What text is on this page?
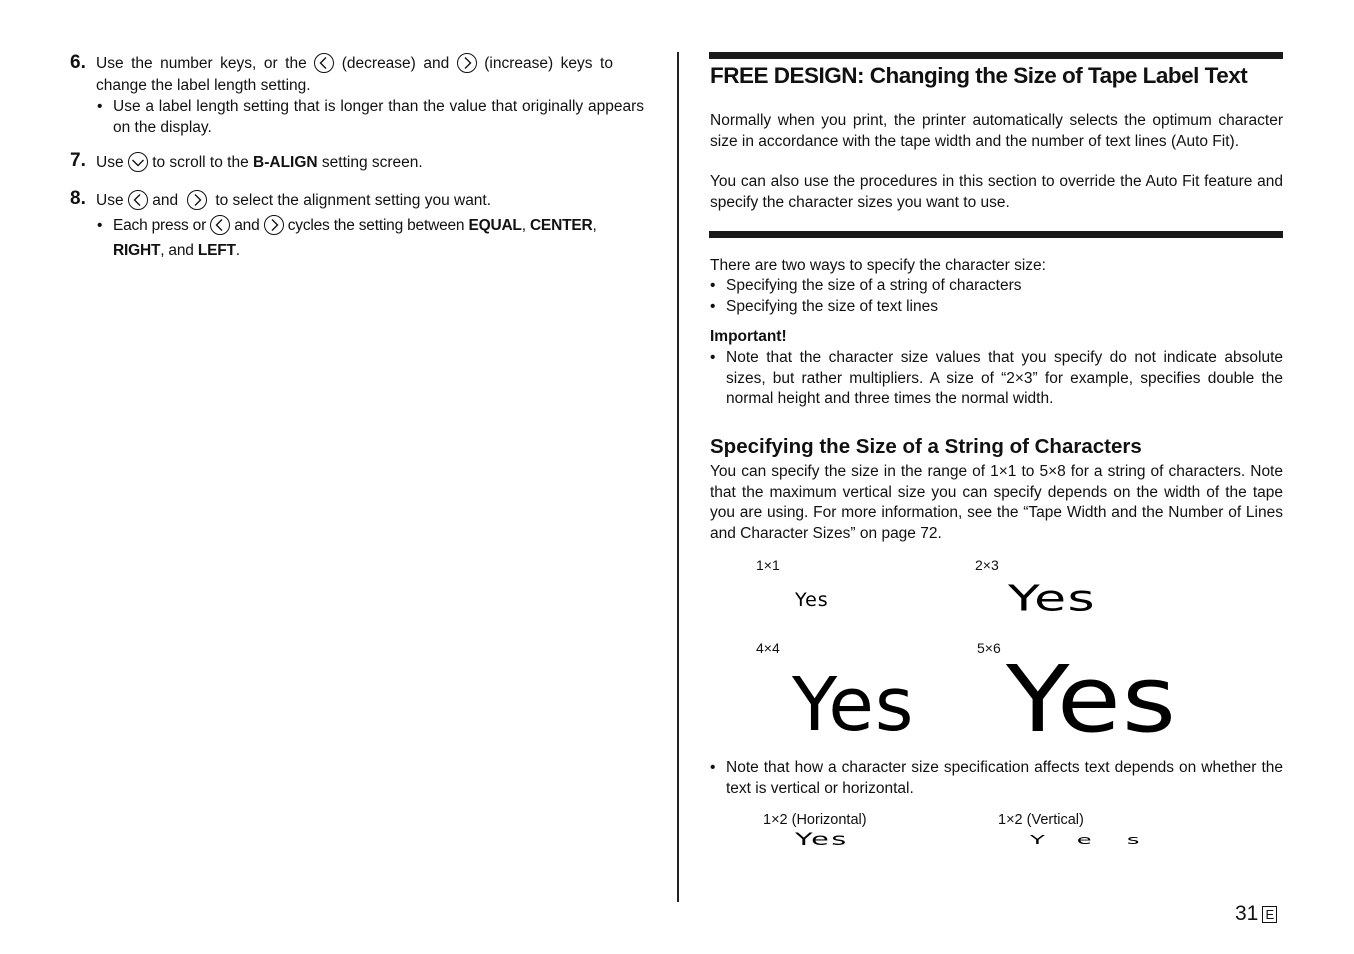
6. Use the number keys, or the (decrease) and (increase) keys to
change the label length setting.
• Use a label length setting that is longer than the value that originally appears on the display.
7. Use to scroll to the B-ALIGN setting screen.
8. Use and to select the alignment setting you want.
• Each press or and cycles the setting between EQUAL, CENTER, RIGHT, and LEFT.
FREE DESIGN: Changing the Size of Tape Label Text
Normally when you print, the printer automatically selects the optimum character size in accordance with the tape width and the number of text lines (Auto Fit).
You can also use the procedures in this section to override the Auto Fit feature and specify the character sizes you want to use.
There are two ways to specify the character size:
• Specifying the size of a string of characters
• Specifying the size of text lines
Important!
• Note that the character size values that you specify do not indicate absolute sizes, but rather multipliers. A size of “2×3” for example, specifies double the normal height and three times the normal width.
Specifying the Size of a String of Characters
You can specify the size in the range of 1×1 to 5×8 for a string of characters. Note that the maximum vertical size you can specify depends on the width of the tape you are using. For more information, see the “Tape Width and the Number of Lines and Character Sizes” on page 72.
1×1
Yes
2×3
Yes
4×4
Yes
5×6 Yes
• Note that how a character size specification affects text depends on whether the text is vertical or horizontal.
1×2 (Horizontal)
Yes
1×2 (Vertical)
Yes
31 E
